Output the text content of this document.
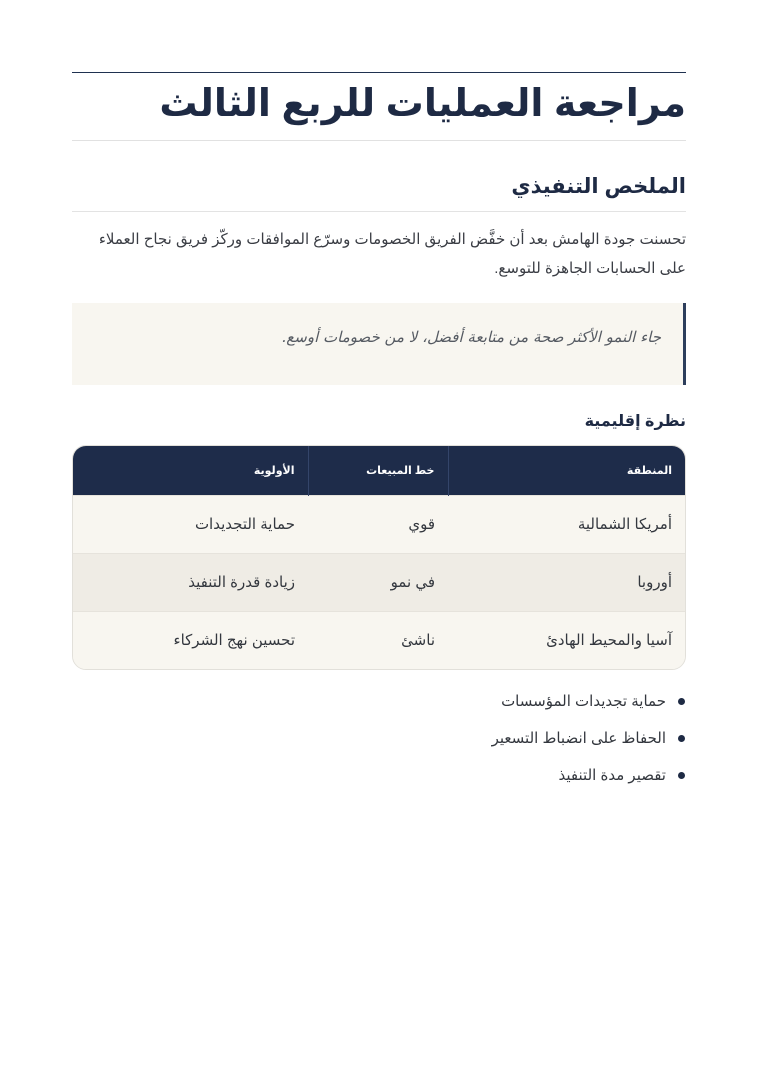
مراجعة العمليات للربع الثالث
الملخص التنفيذي

تحسنت جودة الهامش بعد أن خفَّض الفريق الخصومات وسرّع الموافقات وركّز فريق نجاح العملاء على الحسابات الجاهزة للتوسع.

جاء النمو الأكثر صحة من متابعة أفضل، لا من خصومات أوسع.
نظرة إقليمية
المنطقة	خط المبيعات	الأولوية
أمريكا الشمالية	قوي	حماية التجديدات
أوروبا	في نمو	زيادة قدرة التنفيذ
آسيا والمحيط الهادئ	ناشئ	تحسين نهج الشركاء
حماية تجديدات المؤسسات
الحفاظ على انضباط التسعير
تقصير مدة التنفيذ
